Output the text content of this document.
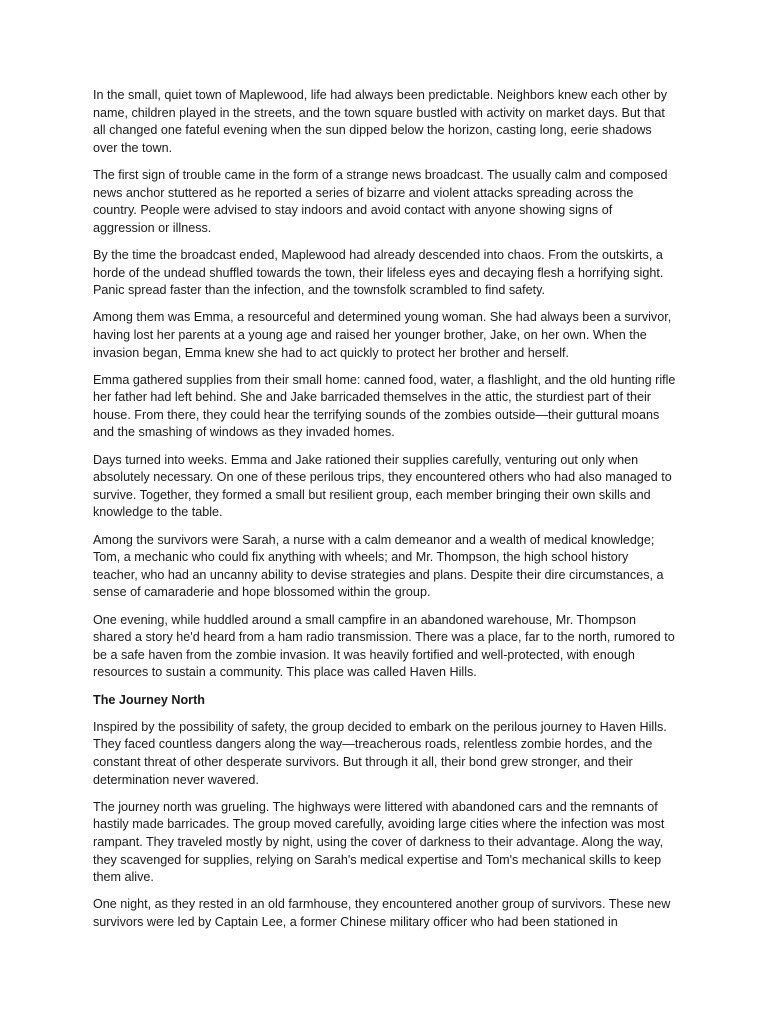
In the small, quiet town of Maplewood, life had always been predictable. Neighbors knew each other by name, children played in the streets, and the town square bustled with activity on market days. But that all changed one fateful evening when the sun dipped below the horizon, casting long, eerie shadows over the town.

The first sign of trouble came in the form of a strange news broadcast. The usually calm and composed news anchor stuttered as he reported a series of bizarre and violent attacks spreading across the country. People were advised to stay indoors and avoid contact with anyone showing signs of aggression or illness.

By the time the broadcast ended, Maplewood had already descended into chaos. From the outskirts, a horde of the undead shuffled towards the town, their lifeless eyes and decaying flesh a horrifying sight. Panic spread faster than the infection, and the townsfolk scrambled to find safety.

Among them was Emma, a resourceful and determined young woman. She had always been a survivor, having lost her parents at a young age and raised her younger brother, Jake, on her own. When the invasion began, Emma knew she had to act quickly to protect her brother and herself.

Emma gathered supplies from their small home: canned food, water, a flashlight, and the old hunting rifle her father had left behind. She and Jake barricaded themselves in the attic, the sturdiest part of their house. From there, they could hear the terrifying sounds of the zombies outside—their guttural moans and the smashing of windows as they invaded homes.

Days turned into weeks. Emma and Jake rationed their supplies carefully, venturing out only when absolutely necessary. On one of these perilous trips, they encountered others who had also managed to survive. Together, they formed a small but resilient group, each member bringing their own skills and knowledge to the table.

Among the survivors were Sarah, a nurse with a calm demeanor and a wealth of medical knowledge; Tom, a mechanic who could fix anything with wheels; and Mr. Thompson, the high school history teacher, who had an uncanny ability to devise strategies and plans. Despite their dire circumstances, a sense of camaraderie and hope blossomed within the group.

One evening, while huddled around a small campfire in an abandoned warehouse, Mr. Thompson shared a story he'd heard from a ham radio transmission. There was a place, far to the north, rumored to be a safe haven from the zombie invasion. It was heavily fortified and well-protected, with enough resources to sustain a community. This place was called Haven Hills.

The Journey North

Inspired by the possibility of safety, the group decided to embark on the perilous journey to Haven Hills. They faced countless dangers along the way—treacherous roads, relentless zombie hordes, and the constant threat of other desperate survivors. But through it all, their bond grew stronger, and their determination never wavered.

The journey north was grueling. The highways were littered with abandoned cars and the remnants of hastily made barricades. The group moved carefully, avoiding large cities where the infection was most rampant. They traveled mostly by night, using the cover of darkness to their advantage. Along the way, they scavenged for supplies, relying on Sarah's medical expertise and Tom's mechanical skills to keep them alive.

One night, as they rested in an old farmhouse, they encountered another group of survivors. These new survivors were led by Captain Lee, a former Chinese military officer who had been stationed in
